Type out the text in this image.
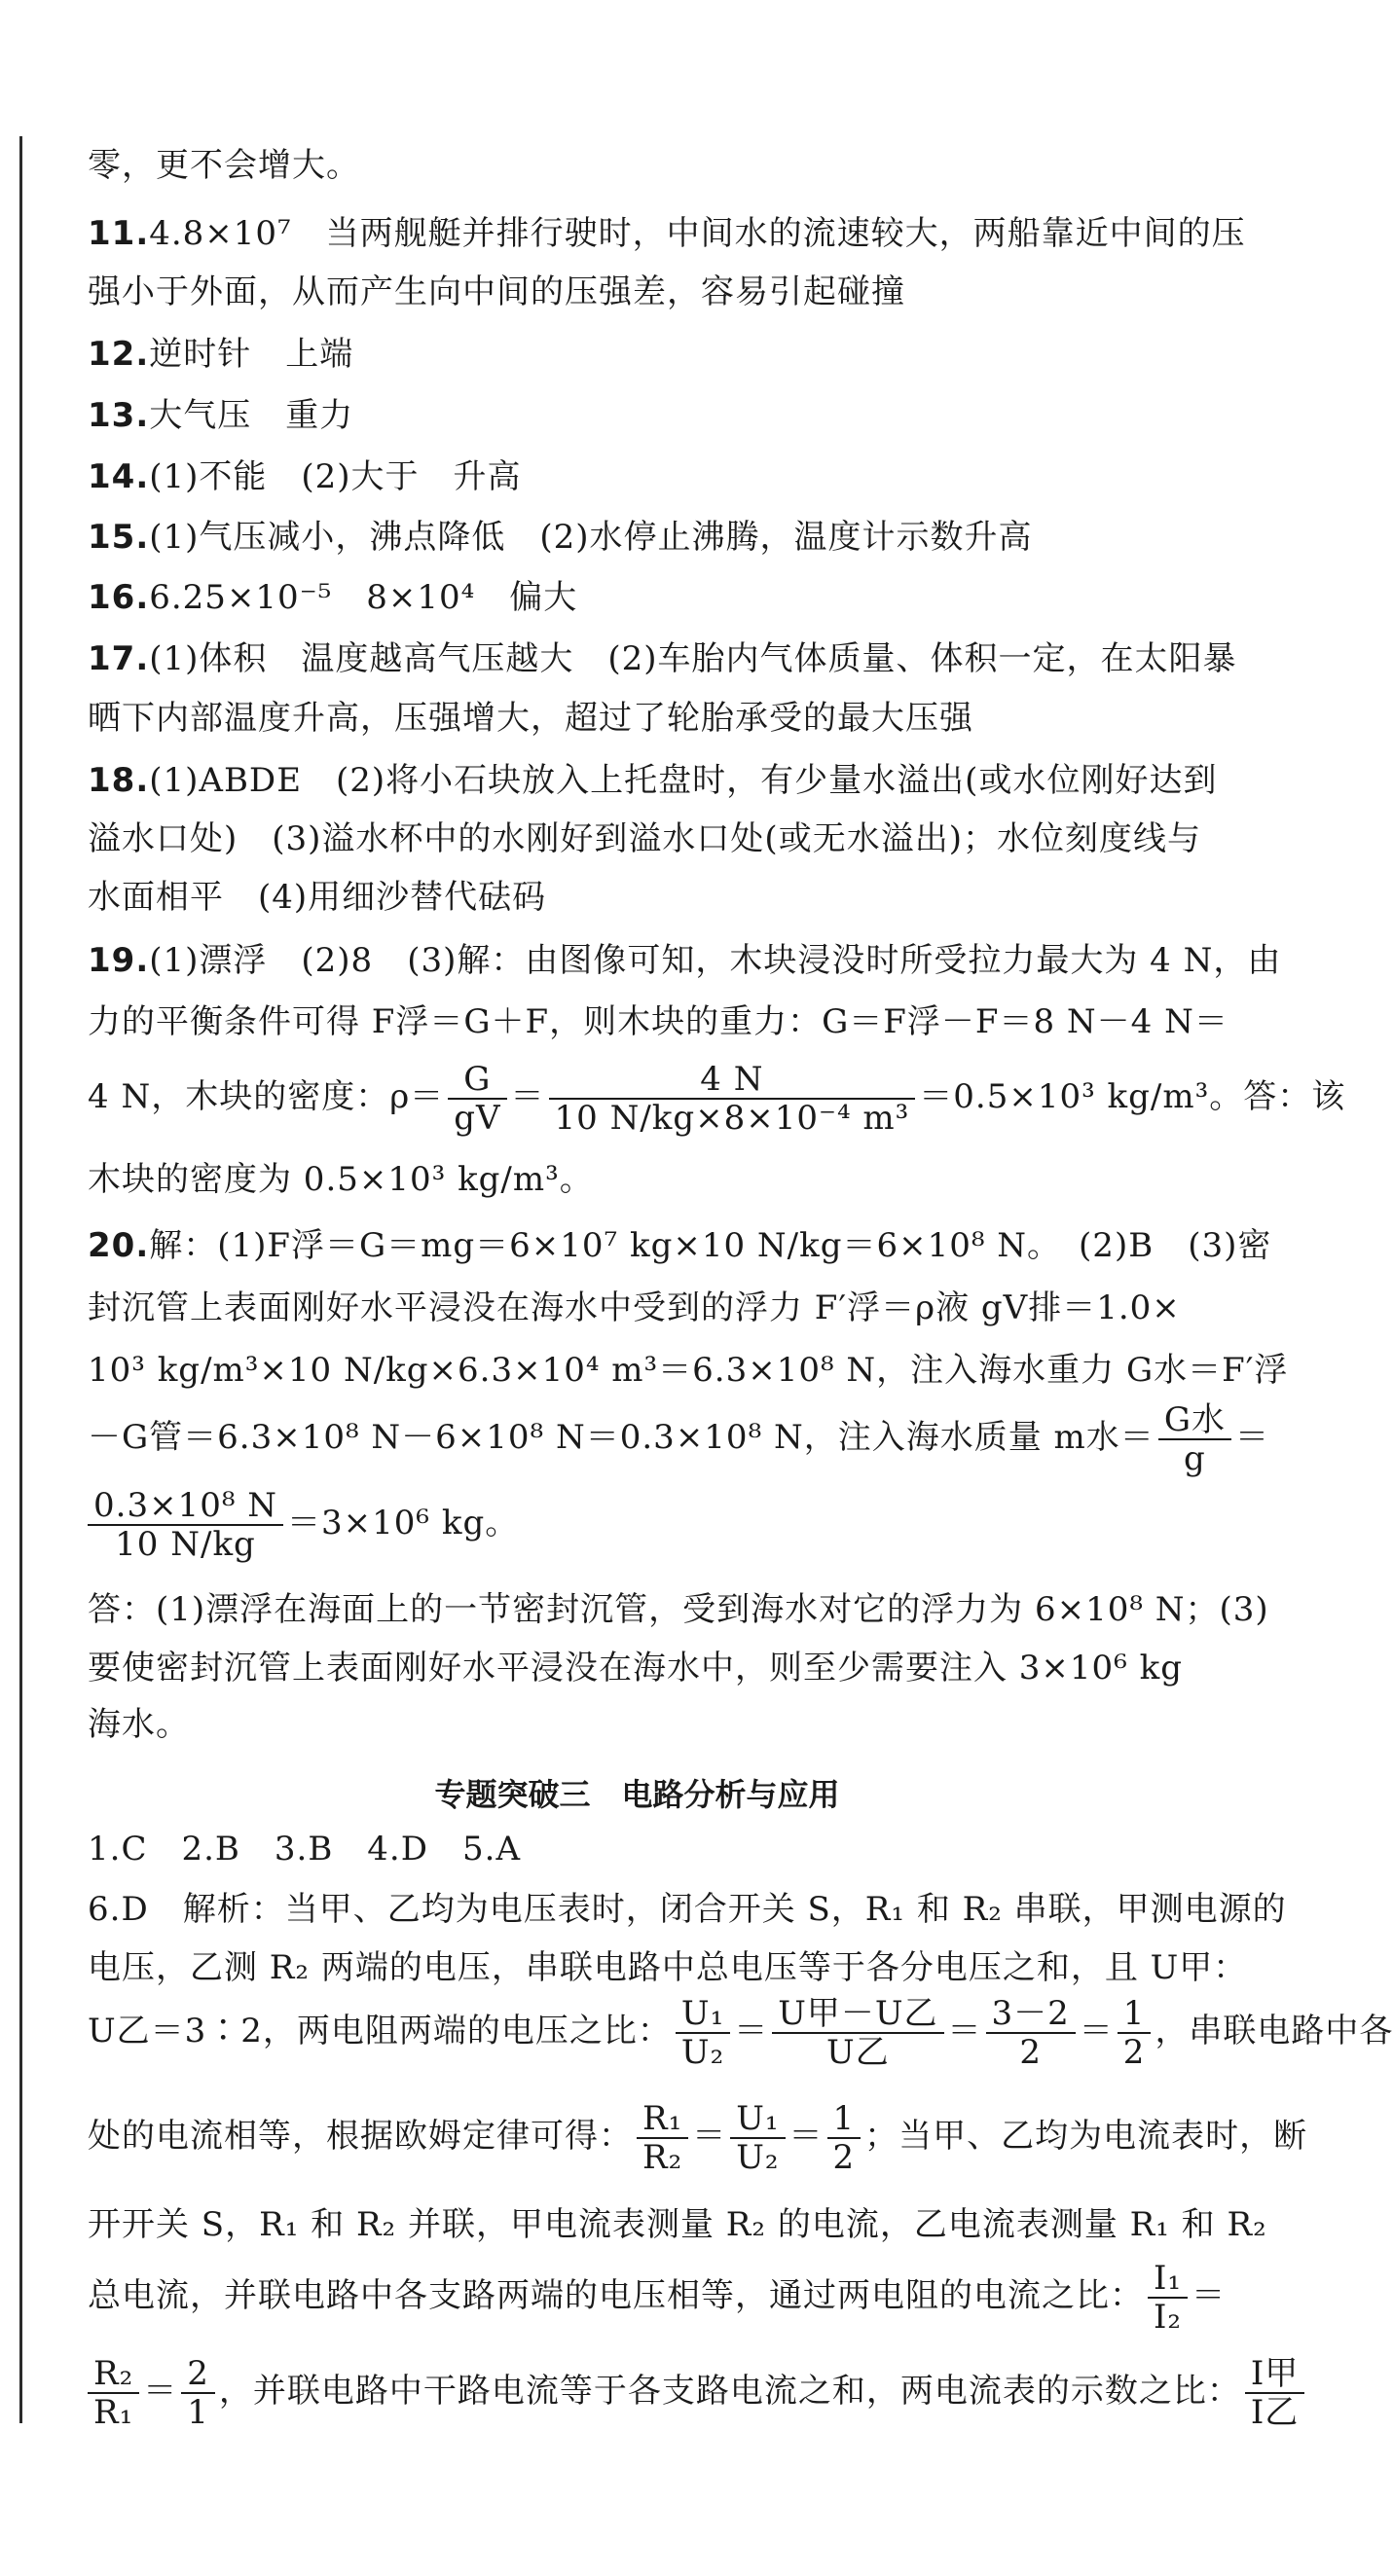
零，更不会增大。
11.4.8×10⁷　当两舰艇并排行驶时，中间水的流速较大，两船靠近中间的压
强小于外面，从而产生向中间的压强差，容易引起碰撞
12.逆时针　上端
13.大气压　重力
14.(1)不能　(2)大于　升高
15.(1)气压减小，沸点降低　(2)水停止沸腾，温度计示数升高
16.6.25×10⁻⁵　8×10⁴　偏大
17.(1)体积　温度越高气压越大　(2)车胎内气体质量、体积一定，在太阳暴
晒下内部温度升高，压强增大，超过了轮胎承受的最大压强
18.(1)ABDE　(2)将小石块放入上托盘时，有少量水溢出(或水位刚好达到
溢水口处)　(3)溢水杯中的水刚好到溢水口处(或无水溢出)；水位刻度线与
水面相平　(4)用细沙替代砝码
19.(1)漂浮　(2)8　(3)解：由图像可知，木块浸没时所受拉力最大为 4 N，由
力的平衡条件可得 F浮＝G＋F，则木块的重力：G＝F浮－F＝8 N－4 N＝
4 N，木块的密度：$\rho= \frac{G}{gV} = \frac{4 N}{\text{10 N/kg×8×10⁻⁴ m³}} =0.5\times 10^3$ kg/m³。答：该
木块的密度为 0.5×10³ kg/m³。
20.解：(1)F浮＝G＝mg＝6×10⁷ kg×10 N/kg＝6×10⁸ N。　(2)B　(3)密
封沉管上表面刚好水平浸没在海水中受到的浮力 F′浮＝ρ液 gV排＝1.0×
10³ kg/m³×10 N/kg×6.3×10⁴ m³＝6.3×10⁸ N，注入海水重力 G水＝F′浮
－G管＝6.3×10⁸ N－6×10⁸ N＝0.3×10⁸ N，注入海水质量 m水＝ $\frac{\text{G水}}{g}$ ＝
$\frac{\text{0.3×10⁸ N}}{10 N/kg} =3\times 10^6$ kg。
答：(1)漂浮在海面上的一节密封沉管，受到海水对它的浮力为 6×10⁸ N；(3)
要使密封沉管上表面刚好水平浸没在海水中，则至少需要注入 3×10⁶ kg
海水。
专题突破三　电路分析与应用
1.C　2.B　3.B　4.D　5.A
6.D　解析：当甲、乙均为电压表时，闭合开关 S，R₁ 和 R₂ 串联，甲测电源的
电压，乙测 R₂ 两端的电压，串联电路中总电压等于各分电压之和，且 U甲：
U乙＝3∶2，两电阻两端的电压之比： $\frac{\text{U₁}}{\text{U₂}} = \frac{\text{U甲－U乙}}{\text{U乙}} = \frac{3-2}{2} = \frac{1}{2}$ ，串联电路中各
处的电流相等，根据欧姆定律可得： $\frac{\text{R₁}}{\text{R₂}} = \frac{\text{U₁}}{\text{U₂}} = \frac{1}{2}$ ；当甲、乙均为电流表时，断
开开关 S，R₁ 和 R₂ 并联，甲电流表测量 R₂ 的电流，乙电流表测量 R₁ 和 R₂
总电流，并联电路中各支路两端的电压相等，通过两电阻的电流之比： $\frac{\text{I₁}}{\text{I₂}}$ ＝
$\frac{\text{R₂}}{\text{R₁}} = \frac{2}{1}$ ，并联电路中干路电流等于各支路电流之和，两电流表的示数之比： $\frac{\text{I甲}}{\text{I乙}}$
